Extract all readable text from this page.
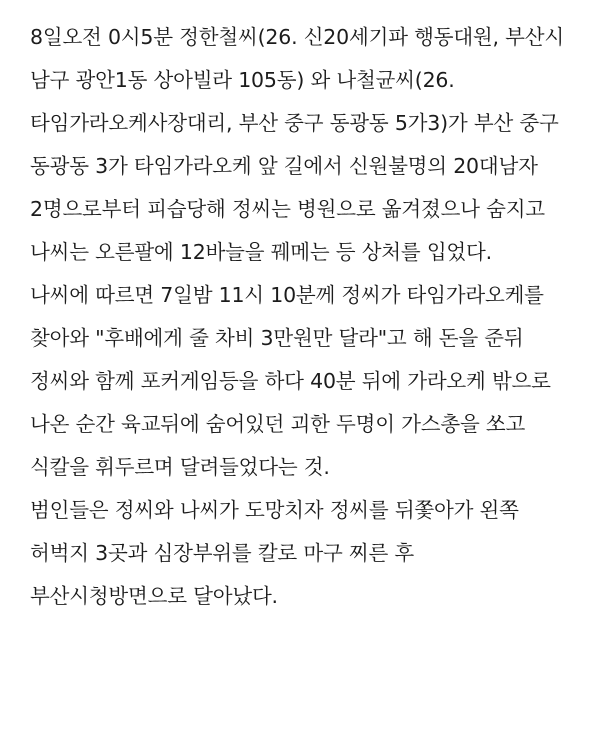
8일오전 0시5분 정한철씨(26. 신20세기파 행동대원, 부산시 남구 광안1동 상아빌라 105동) 와 나철균씨(26. 타임가라오케사장대리, 부산 중구 동광동 5가3)가 부산 중구 동광동 3가 타임가라오케 앞 길에서 신원불명의 20대남자 2명으로부터 피습당해 정씨는 병원으로 옮겨졌으나 숨지고 나씨는 오른팔에 12바늘을 꿰메는 등 상처를 입었다.

나씨에 따르면 7일밤 11시 10분께 정씨가 타임가라오케를 찾아와 "후배에게 줄 차비 3만원만 달라"고 해 돈을 준뒤 정씨와 함께 포커게임등을 하다 40분 뒤에 가라오케 밖으로 나온 순간 육교뒤에 숨어있던 괴한 두명이 가스총을 쏘고 식칼을 휘두르며 달려들었다는 것.

범인들은 정씨와 나씨가 도망치자 정씨를 뒤쫓아가 왼쪽 허벅지 3곳과 심장부위를 칼로 마구 찌른 후 부산시청방면으로 달아났다.
